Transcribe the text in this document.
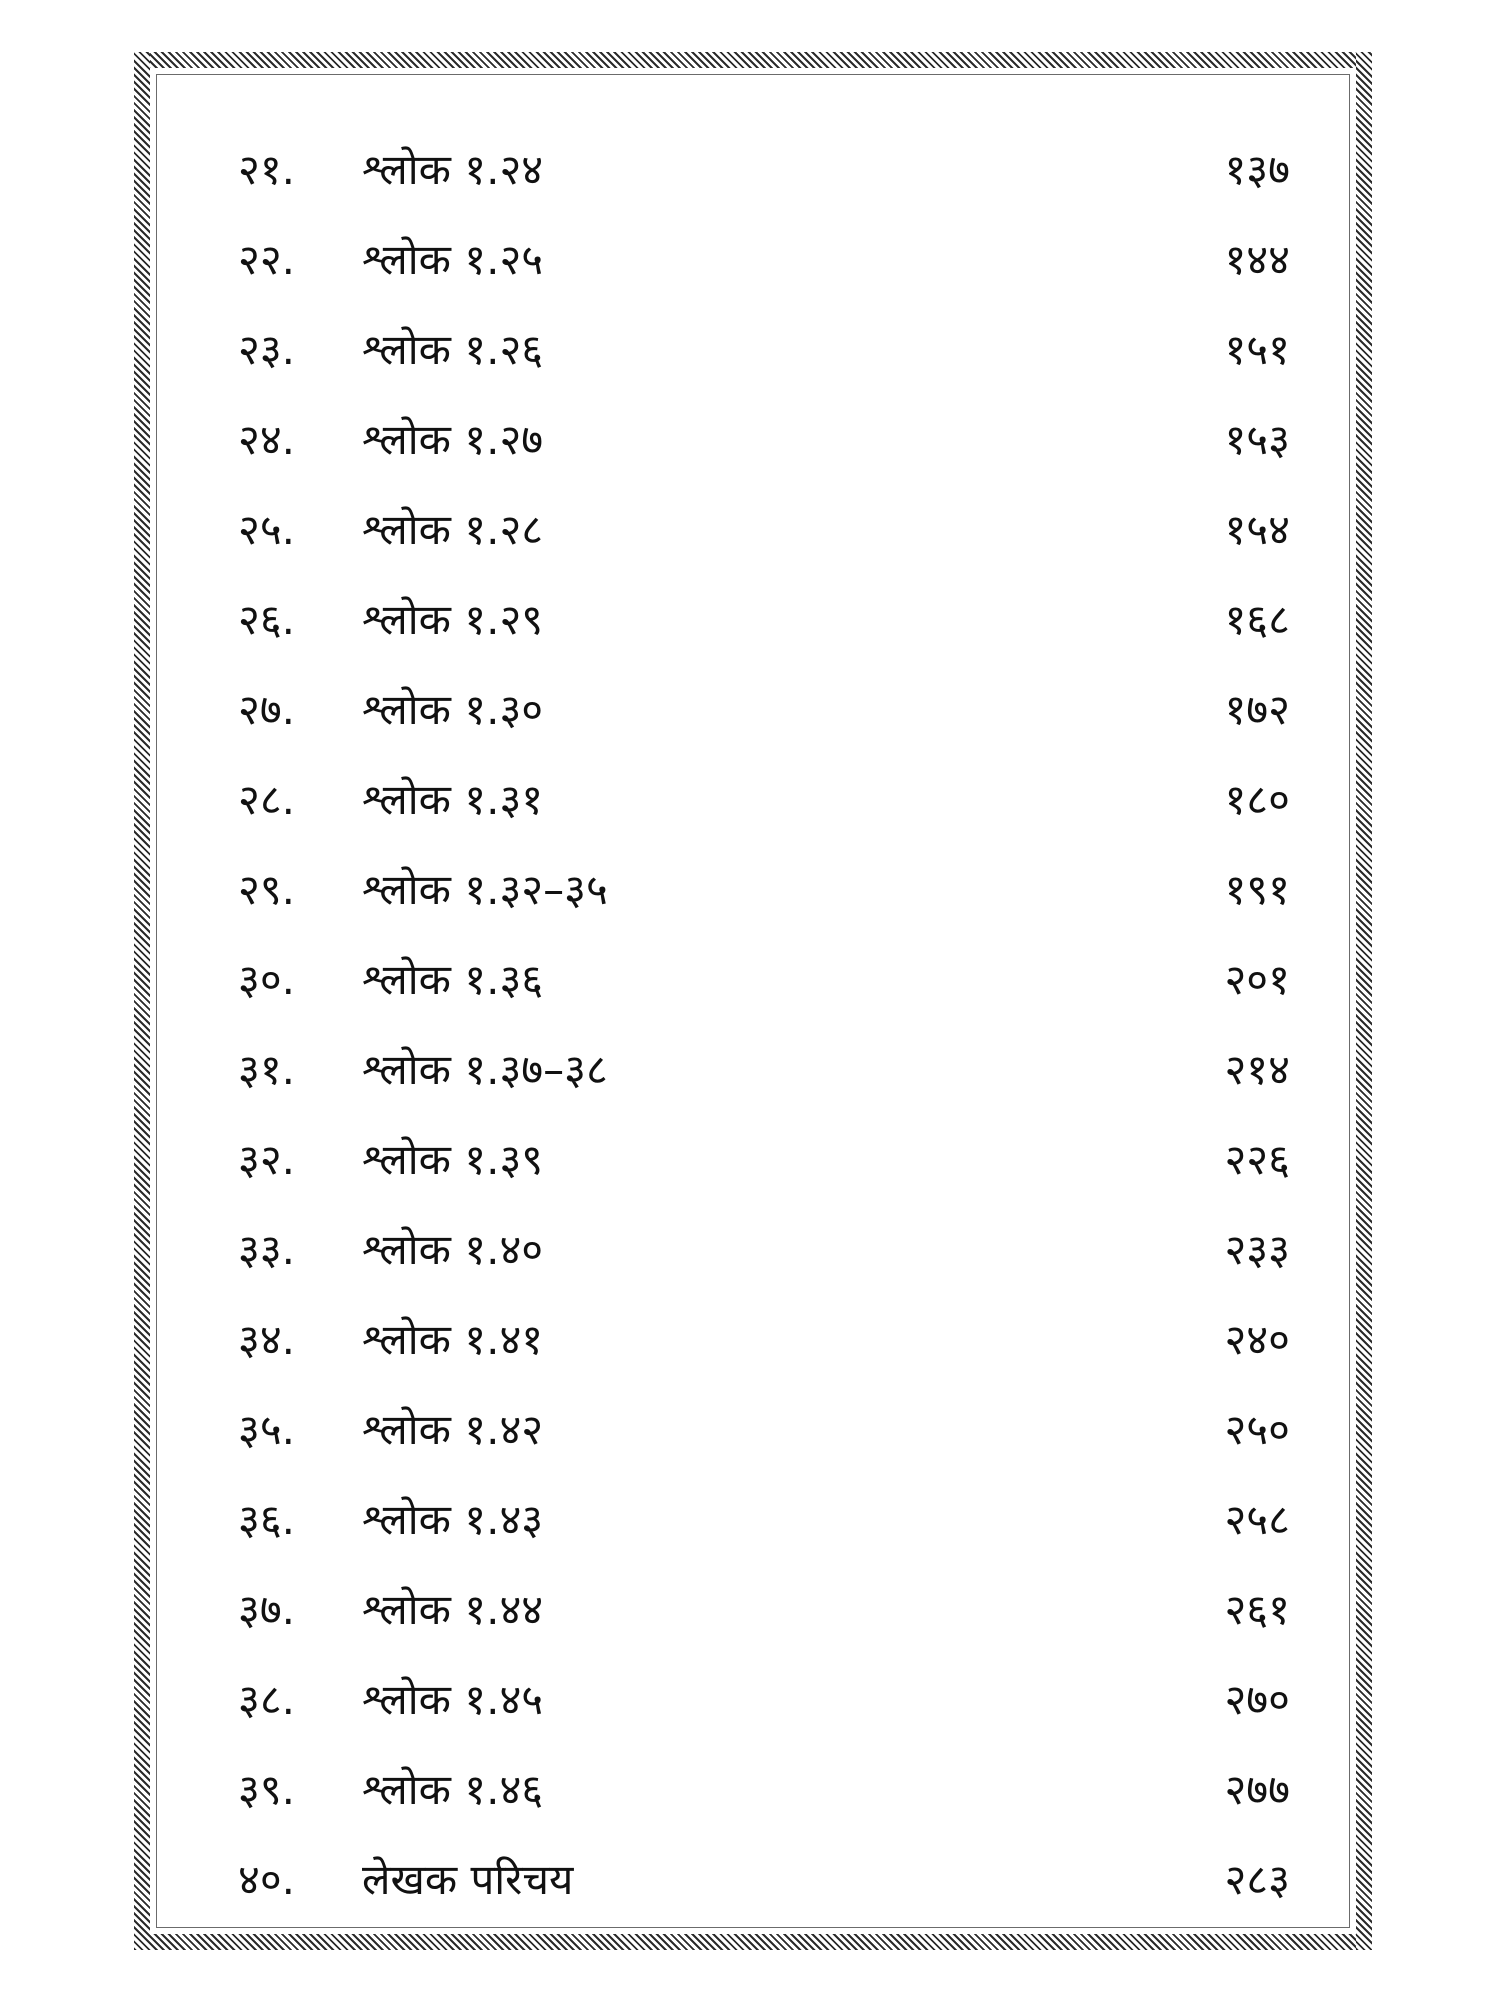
२१. श्लोक १.२४	१३७
२२. श्लोक १.२५	१४४
२३. श्लोक १.२६	१५१
२४. श्लोक १.२७	१५३
२५. श्लोक १.२८	१५४
२६. श्लोक १.२९	१६८
२७. श्लोक १.३०	१७२
२८. श्लोक १.३१	१८०
२९. श्लोक १.३२–३५	१९१
३०. श्लोक १.३६	२०१
३१. श्लोक १.३७–३८	२१४
३२. श्लोक १.३९	२२६
३३. श्लोक १.४०	२३३
३४. श्लोक १.४१	२४०
३५. श्लोक १.४२	२५०
३६. श्लोक १.४३	२५८
३७. श्लोक १.४४	२६१
३८. श्लोक १.४५	२७०
३९. श्लोक १.४६	२७७
४०. लेखक परिचय	२८३
